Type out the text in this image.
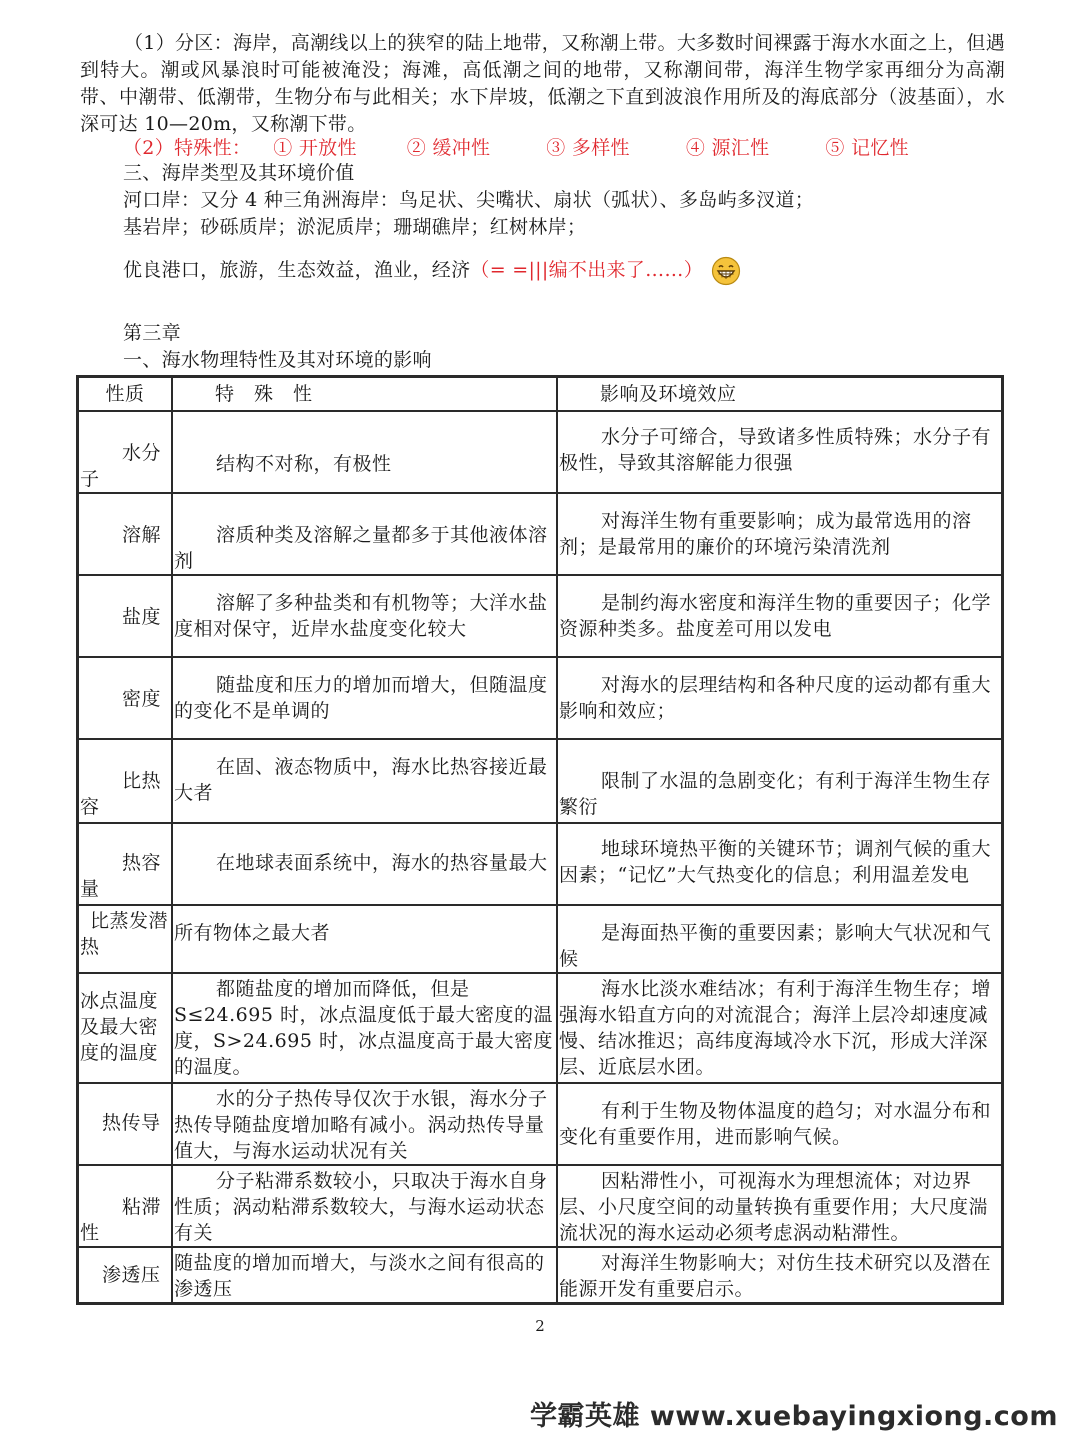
（1）分区：海岸，高潮线以上的狭窄的陆上地带，又称潮上带。大多数时间裸露于海水水面之上，但遇到特大。潮或风暴浪时可能被淹没；海滩，高低潮之间的地带，又称潮间带，海洋生物学家再细分为高潮带、中潮带、低潮带，生物分布与此相关；水下岸坡，低潮之下直到波浪作用所及的海底部分（波基面），水深可达 10—20m，又称潮下带。
（2）特殊性： ① 开放性	② 缓冲性	③ 多样性	④ 源汇性	⑤ 记忆性
三、海岸类型及其环境价值
河口岸：又分 4 种三角洲海岸：鸟足状、尖嘴状、扇状（弧状）、多岛屿多汊道；
基岩岸；砂砾质岸；淤泥质岸；珊瑚礁岸；红树林岸；
优良港口，旅游，生态效益，渔业，经济（= =|||编不出来了……）
第三章
一、海水物理特性及其对环境的影响
性质	特　殊　性	影响及环境效应

水分子	结构不对称，有极性	水分子可缔合，导致诸多性质特殊；水分子有极性，导致其溶解能力很强

溶解	溶质种类及溶解之量都多于其他液体溶剂	对海洋生物有重要影响；成为最常选用的溶剂；是最常用的廉价的环境污染清洗剂

盐度	溶解了多种盐类和有机物等；大洋水盐度相对保守，近岸水盐度变化较大	是制约海水密度和海洋生物的重要因子；化学资源种类多。盐度差可用以发电

密度	随盐度和压力的增加而增大，但随温度的变化不是单调的	对海水的层理结构和各种尺度的运动都有重大影响和效应；

比热容	在固、液态物质中，海水比热容接近最大者	限制了水温的急剧变化；有利于海洋生物生存繁衍

热容量	在地球表面系统中，海水的热容量最大	地球环境热平衡的关键环节；调剂气候的重大因素；“记忆”大气热变化的信息；利用温差发电

比蒸发潜热	所有物体之最大者	是海面热平衡的重要因素；影响大气状况和气候

冰点温度及最大密度的温度	都随盐度的增加而降低，但是 S≤24.695 时，冰点温度低于最大密度的温度，S>24.695 时，冰点温度高于最大密度的温度。	海水比淡水难结冰；有利于海洋生物生存；增强海水铅直方向的对流混合；海洋上层冷却速度减慢、结冰推迟；高纬度海域冷水下沉，形成大洋深层、近底层水团。

热传导	水的分子热传导仅次于水银，海水分子热传导随盐度增加略有减小。涡动热传导量值大，与海水运动状况有关	有利于生物及物体温度的趋匀；对水温分布和变化有重要作用，进而影响气候。

粘滞性	分子粘滞系数较小，只取决于海水自身性质；涡动粘滞系数较大，与海水运动状态有关	因粘滞性小，可视海水为理想流体；对边界层、小尺度空间的动量转换有重要作用；大尺度湍流状况的海水运动必须考虑涡动粘滞性。

渗透压	随盐度的增加而增大，与淡水之间有很高的渗透压	对海洋生物影响大；对仿生技术研究以及潜在能源开发有重要启示。
2
学霸英雄 www.xuebayingxiong.com
